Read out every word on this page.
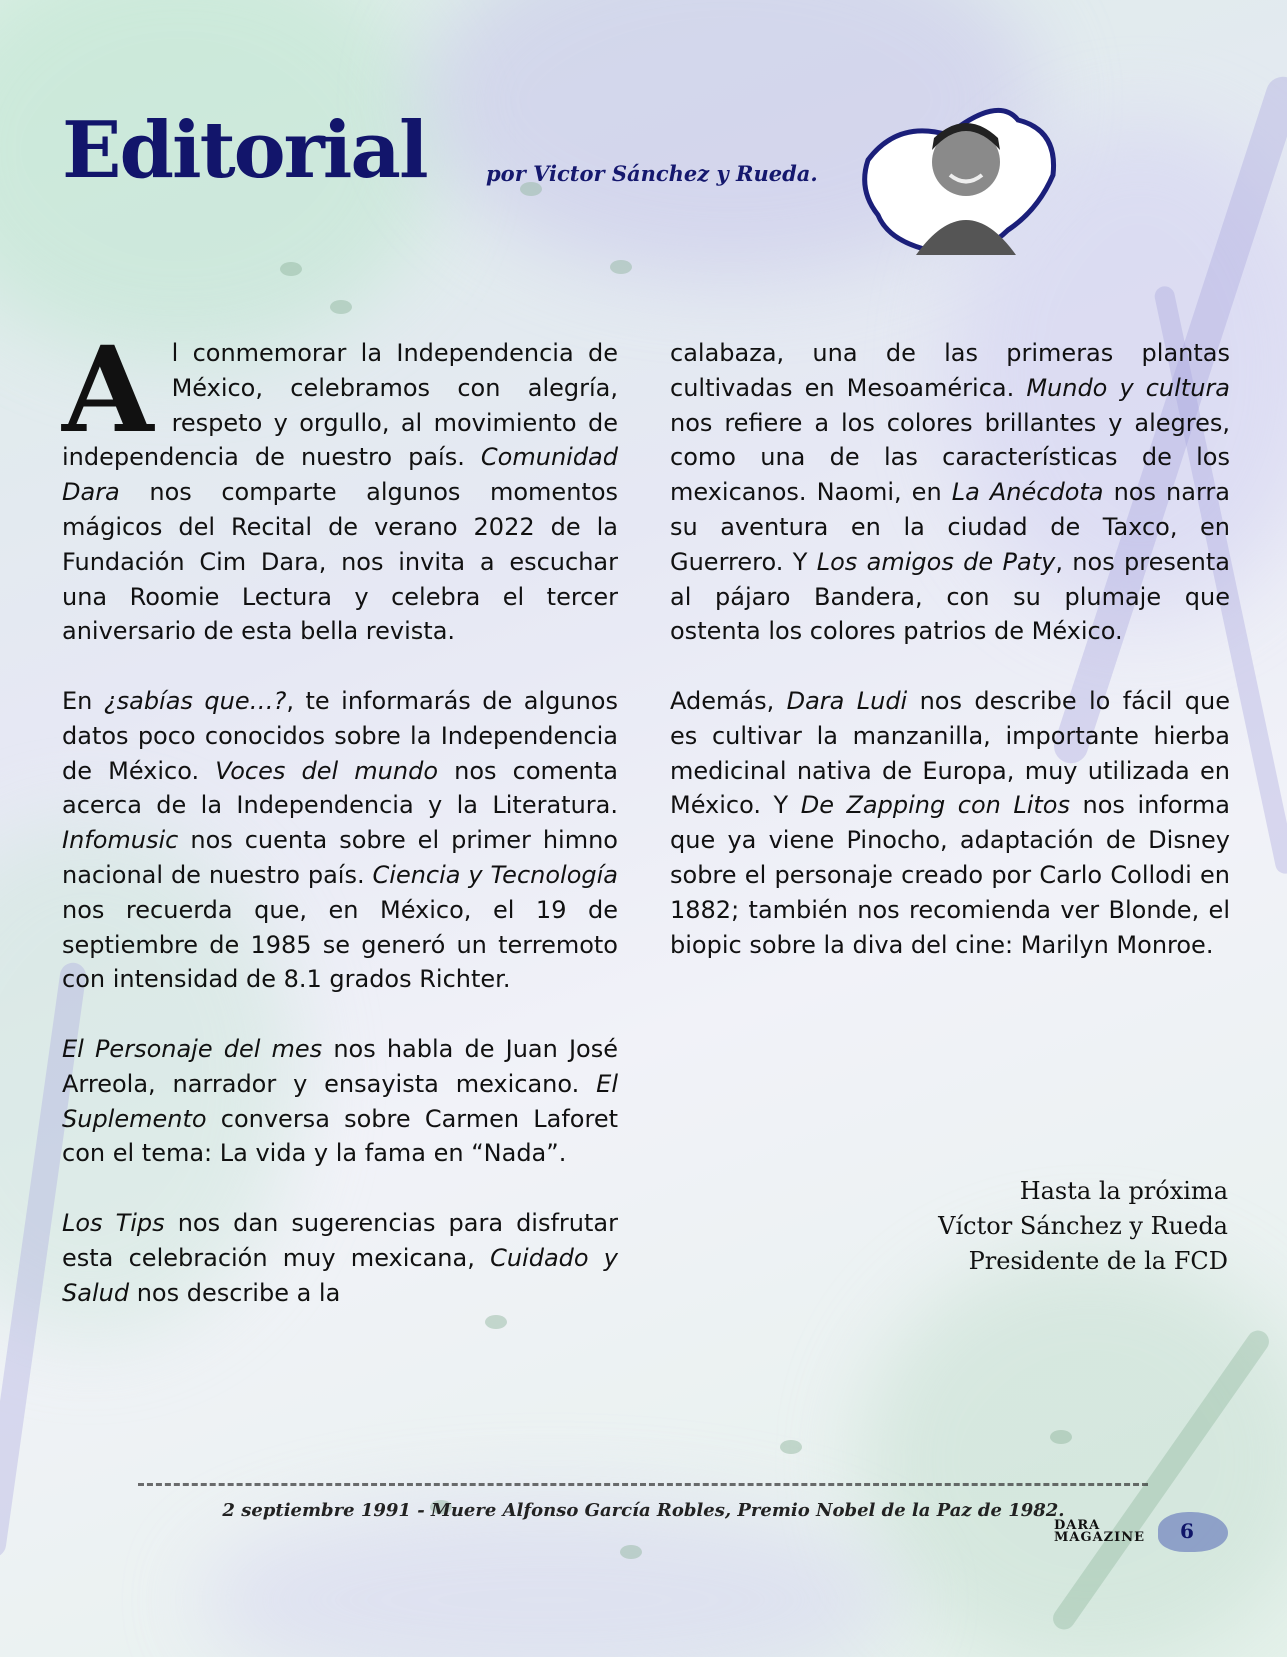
Editorial	por Victor Sánchez y Rueda.

Al conmemorar la Independencia de México, celebramos con alegría, respeto y orgullo, al movimiento de independencia de nuestro país. Comunidad Dara nos comparte algunos momentos mágicos del Recital de verano 2022 de la Fundación Cim Dara, nos invita a escuchar una Roomie Lectura y celebra el tercer aniversario de esta bella revista.

En ¿sabías que…?, te informarás de algunos datos poco conocidos sobre la Independencia de México. Voces del mundo nos comenta acerca de la Independencia y la Literatura. Infomusic nos cuenta sobre el primer himno nacional de nuestro país. Ciencia y Tecnología nos recuerda que, en México, el 19 de septiembre de 1985 se generó un terremoto con intensidad de 8.1 grados Richter.

El Personaje del mes nos habla de Juan José Arreola, narrador y ensayista mexicano. El Suplemento conversa sobre Carmen Laforet con el tema: La vida y la fama en “Nada”.

Los Tips nos dan sugerencias para disfrutar esta celebración muy mexicana, Cuidado y Salud nos describe a la

calabaza, una de las primeras plantas cultivadas en Mesoamérica. Mundo y cultura nos refiere a los colores brillantes y alegres, como una de las características de los mexicanos. Naomi, en La Anécdota nos narra su aventura en la ciudad de Taxco, en Guerrero. Y Los amigos de Paty, nos presenta al pájaro Bandera, con su plumaje que ostenta los colores patrios de México.

Además, Dara Ludi nos describe lo fácil que es cultivar la manzanilla, importante hierba medicinal nativa de Europa, muy utilizada en México. Y De Zapping con Litos nos informa que ya viene Pinocho, adaptación de Disney sobre el personaje creado por Carlo Collodi en 1882; también nos recomienda ver Blonde, el biopic sobre la diva del cine: Marilyn Monroe.

Hasta la próxima
Víctor Sánchez y Rueda
Presidente de la FCD
2 septiembre 1991 - Muere Alfonso García Robles, Premio Nobel de la Paz de 1982.
DARA
MAGAZINE 6
